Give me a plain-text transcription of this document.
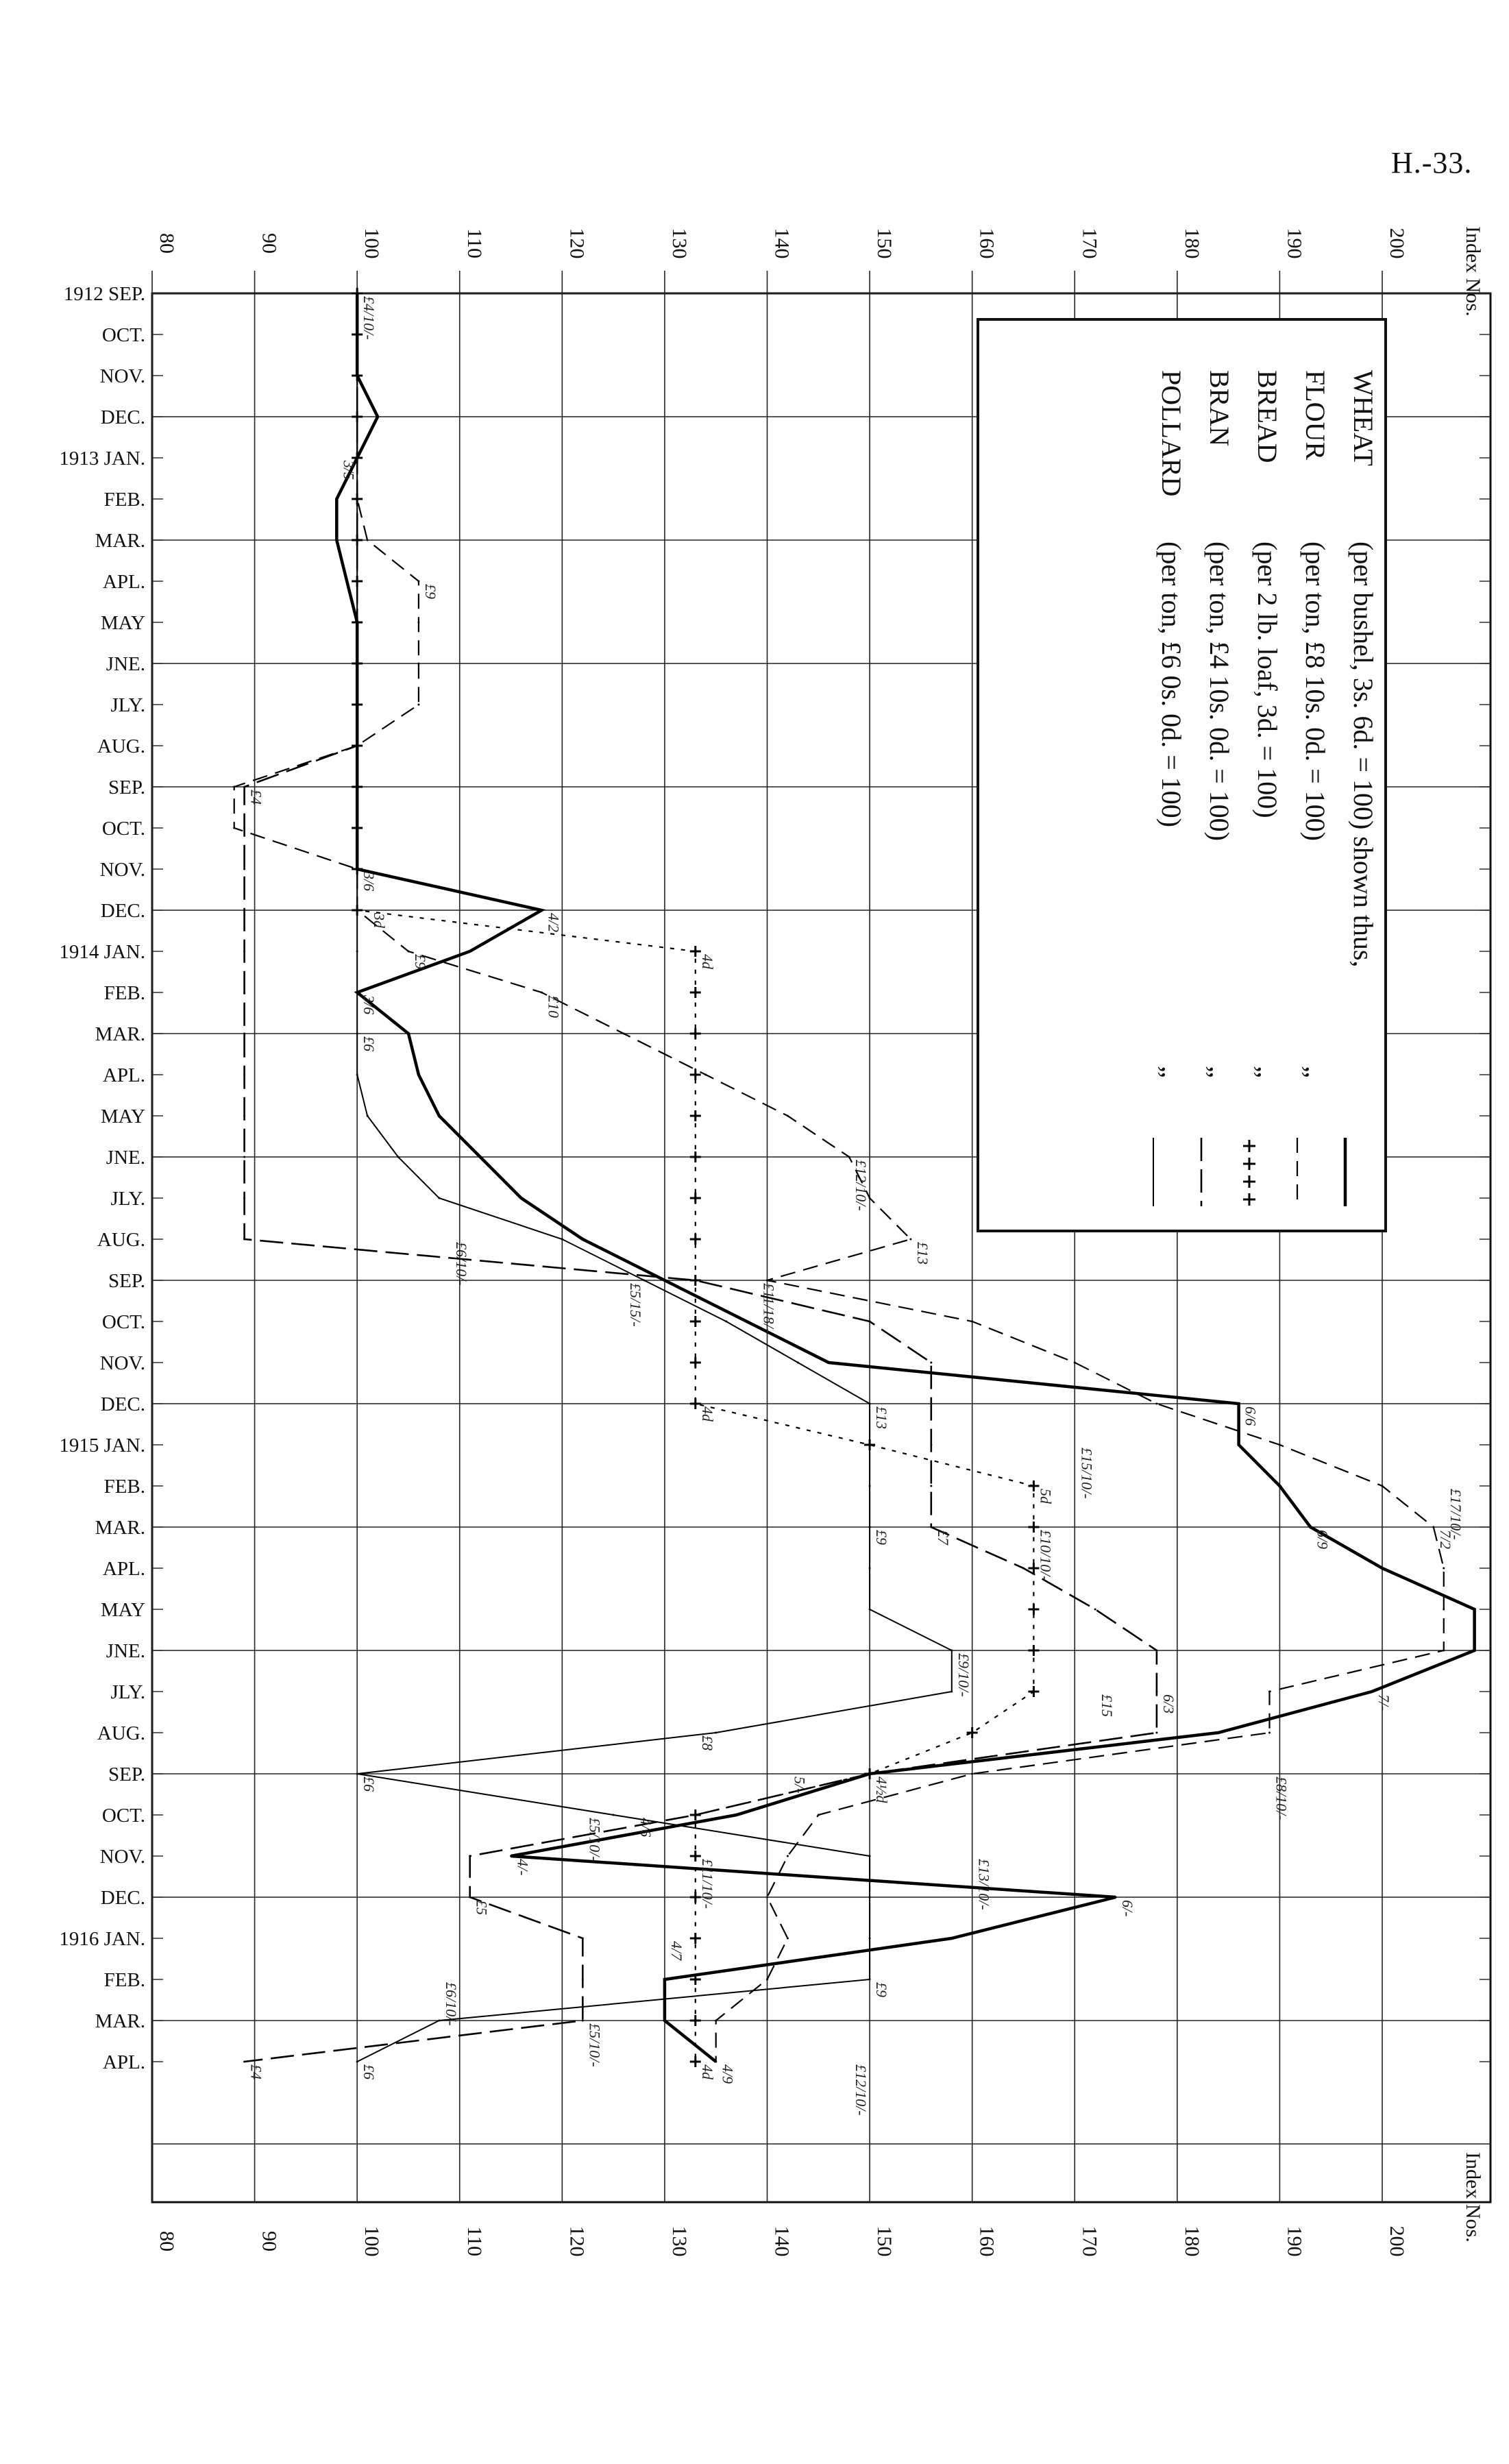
H.-33.
80	90	100	110	120	130	140	150	160	170	180	190	200
80	90	100	110	120	130	140	150	160	170	180	190	200
1912 SEP.
OCT.
NOV.
DEC.
1913 JAN.
FEB.
MAR.
APL.
MAY
JNE.
JLY.
AUG.
SEP.
OCT.
NOV.
DEC.
1914 JAN.
FEB.
MAR.
APL.
MAY
JNE.
JLY.
AUG.
SEP.
OCT.
NOV.
DEC.
1915 JAN.
FEB.
MAR.
APL.
MAY
JNE.
JLY.
AUG.
SEP.
OCT.
NOV.
DEC.
1916 JAN.
FEB.
MAR.
APL.
£4/10/-
3/5
£9
£4
3/6
4/2
3d
£9	4d
£10
3/6
£6
£12/10/-
£6/10/-	£13
£5/15/-	£11/18/-
4d	£13	6/6
£15/10/-
5d
£9	£7	£10/10/-	6/9	7/2
£17/10/-
£9/10/-
£15	6/3
£8
7/-
£6	£8/10/-
5/-	4½d
£5/10/- 4/6
£11/10/-	£13/10/-
4/-
£5	6/-
4/7
£6/10/-	£9
£5/10/-
£4	£6	4d 4/9	£12/10/-
Index Nos.
Index Nos.
WHEAT
(per bushel, 3s. 6d. = 100) shown thus,
FLOUR
(per ton, £8 10s. 0d. = 100)
„
BREAD
(per 2 lb. loaf, 3d. = 100)
„
BRAN
(per ton, £4 10s. 0d. = 100)
„
POLLARD
(per ton, £6 0s. 0d. = 100)
„
